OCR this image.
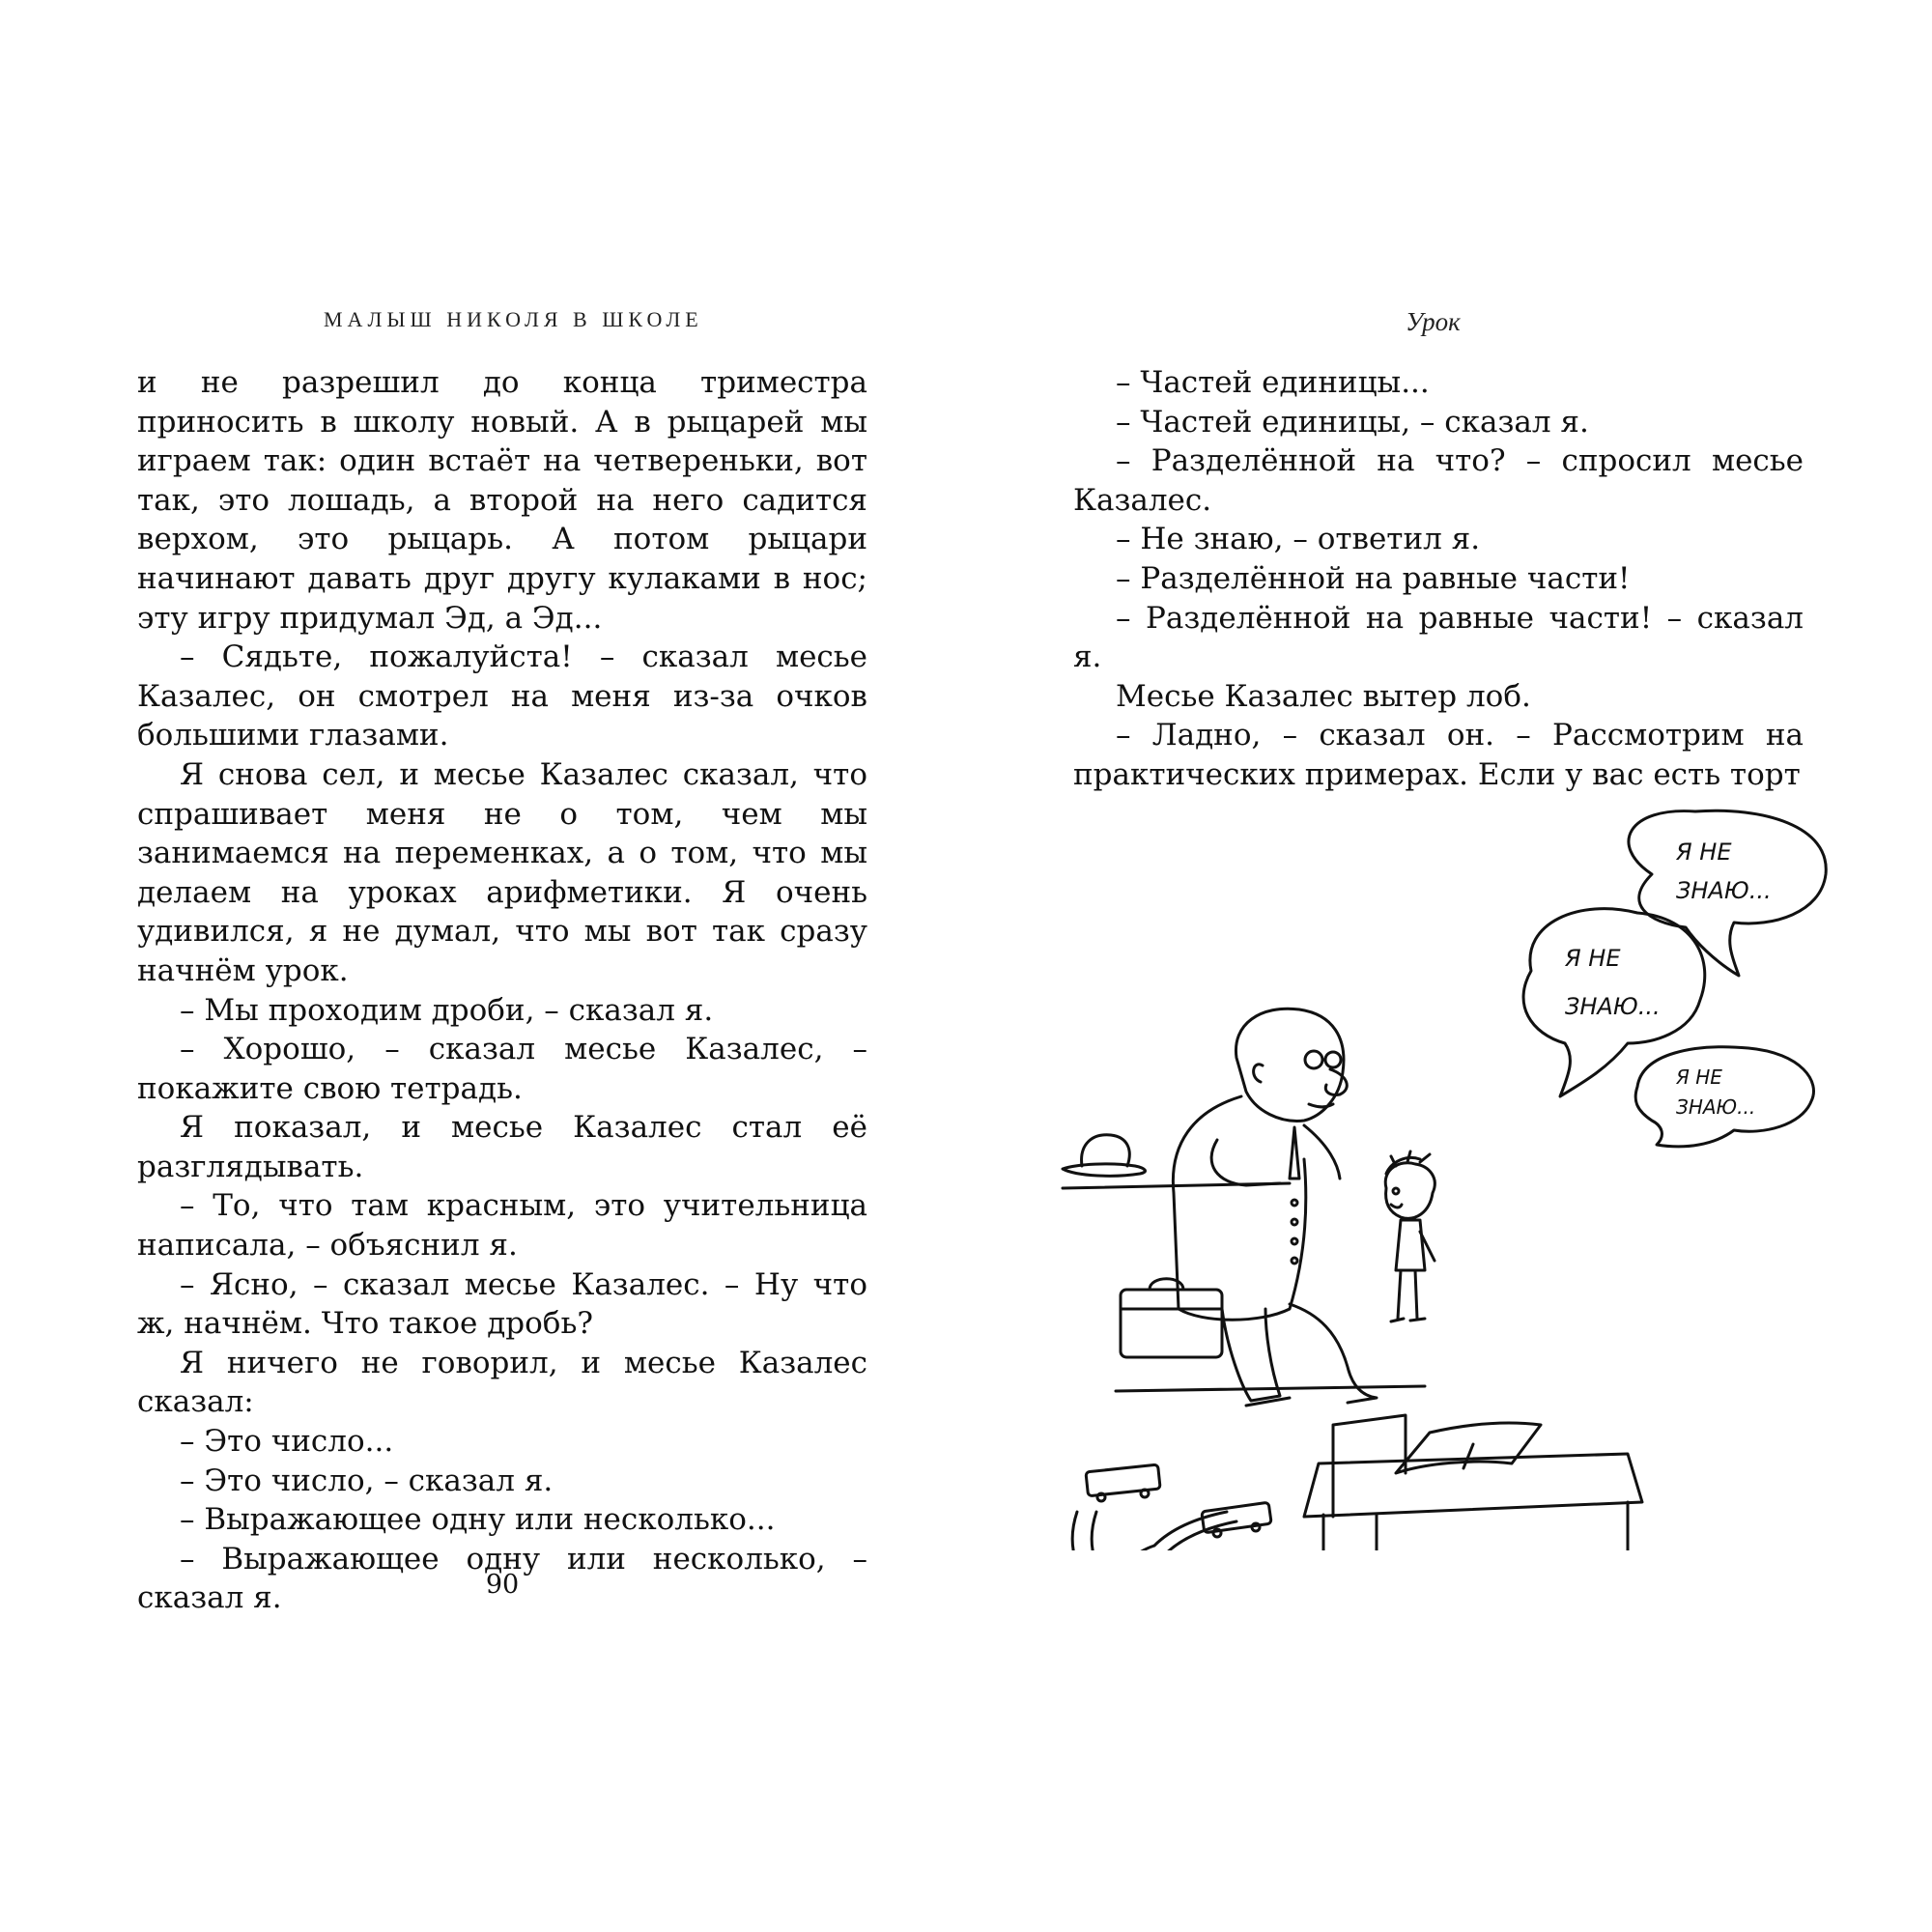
МАЛЫШ НИКОЛЯ В ШКОЛЕ

и не разрешил до конца триместра приносить в школу новый. А в рыцарей мы играем так: один встаёт на четвереньки, вот так, это лошадь, а второй на него садится верхом, это рыцарь. А потом рыцари начинают давать друг другу кулаками в нос; эту игру придумал Эд, а Эд...

– Сядьте, пожалуйста! – сказал месье Казалес, он смотрел на меня из-за очков большими глазами.

Я снова сел, и месье Казалес сказал, что спрашивает меня не о том, чем мы занимаемся на переменках, а о том, что мы делаем на уроках арифметики. Я очень удивился, я не думал, что мы вот так сразу начнём урок.

– Мы проходим дроби, – сказал я.

– Хорошо, – сказал месье Казалес, – покажите свою тетрадь.

Я показал, и месье Казалес стал её разглядывать.

– То, что там красным, это учительница написала, – объяснил я.

– Ясно, – сказал месье Казалес. – Ну что ж, начнём. Что такое дробь?

Я ничего не говорил, и месье Казалес сказал:

– Это число...

– Это число, – сказал я.

– Выражающее одну или несколько...

– Выражающее одну или несколько, – сказал я.	90
Урок

– Частей единицы...

– Частей единицы, – сказал я.

– Разделённой на что? – спросил месье Казалес.

– Не знаю, – ответил я.

– Разделённой на равные части!

– Разделённой на равные части! – сказал я.

Месье Казалес вытер лоб.

– Ладно, – сказал он. – Рассмотрим на практических примерах. Если у вас есть торт

Я НЕ
ЗНАЮ...
Я НЕ
ЗНАЮ...
Я НЕ
ЗНАЮ...
